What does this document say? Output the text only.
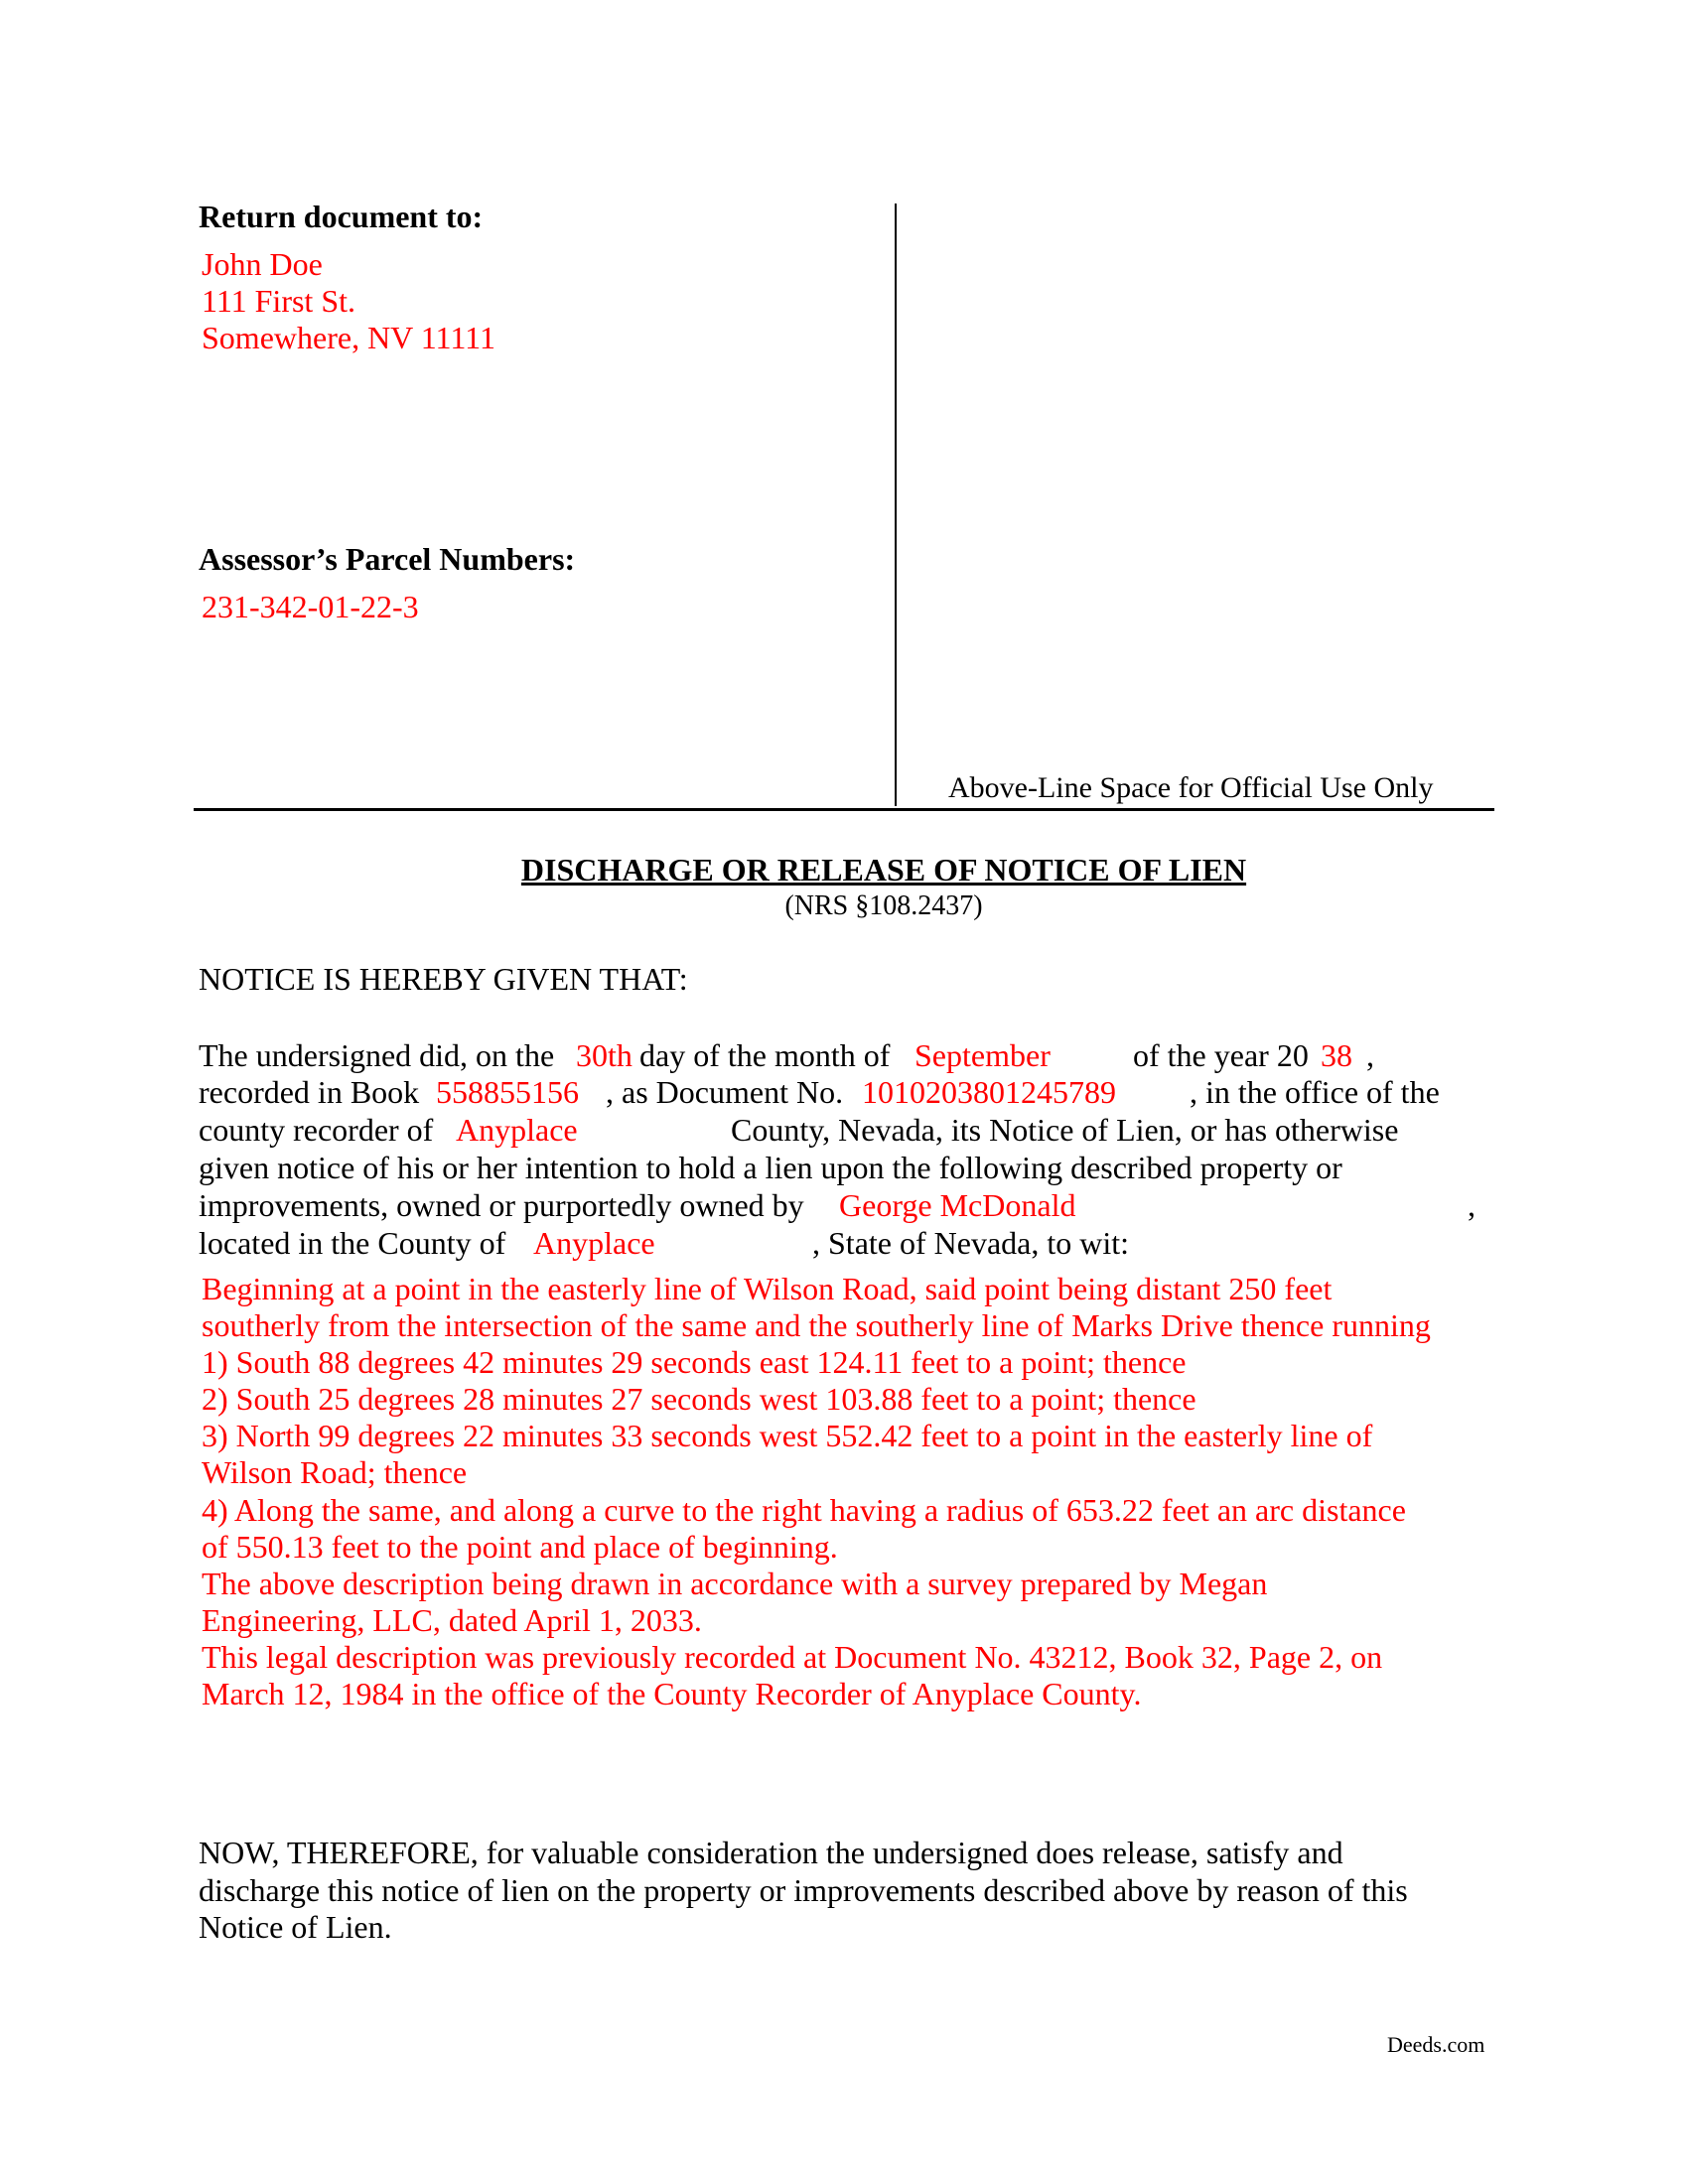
Return document to:
John Doe
111 First St.
Somewhere, NV 11111
Assessor’s Parcel Numbers:
231-342-01-22-3
Above-Line Space for Official Use Only
DISCHARGE OR RELEASE OF NOTICE OF LIEN
(NRS §108.2437)
NOTICE IS HEREBY GIVEN THAT:
The undersigned did, on the 30th day of the month of September	of the year 20 38 ,
recorded in Book 558855156 , as Document No. 1010203801245789 , in the office of the
county recorder of Anyplace	County, Nevada, its Notice of Lien, or has otherwise
given notice of his or her intention to hold a lien upon the following described property or
improvements, owned or purportedly owned by George McDonald	,
located in the County of Anyplace	, State of Nevada, to wit:
Beginning at a point in the easterly line of Wilson Road, said point being distant 250 feet
southerly from the intersection of the same and the southerly line of Marks Drive thence running
1) South 88 degrees 42 minutes 29 seconds east 124.11 feet to a point; thence
2) South 25 degrees 28 minutes 27 seconds west 103.88 feet to a point; thence
3) North 99 degrees 22 minutes 33 seconds west 552.42 feet to a point in the easterly line of
Wilson Road; thence
4) Along the same, and along a curve to the right having a radius of 653.22 feet an arc distance
of 550.13 feet to the point and place of beginning.
The above description being drawn in accordance with a survey prepared by Megan
Engineering, LLC, dated April 1, 2033.
This legal description was previously recorded at Document No. 43212, Book 32, Page 2, on
March 12, 1984 in the office of the County Recorder of Anyplace County.
NOW, THEREFORE, for valuable consideration the undersigned does release, satisfy and
discharge this notice of lien on the property or improvements described above by reason of this
Notice of Lien.
Deeds.com
